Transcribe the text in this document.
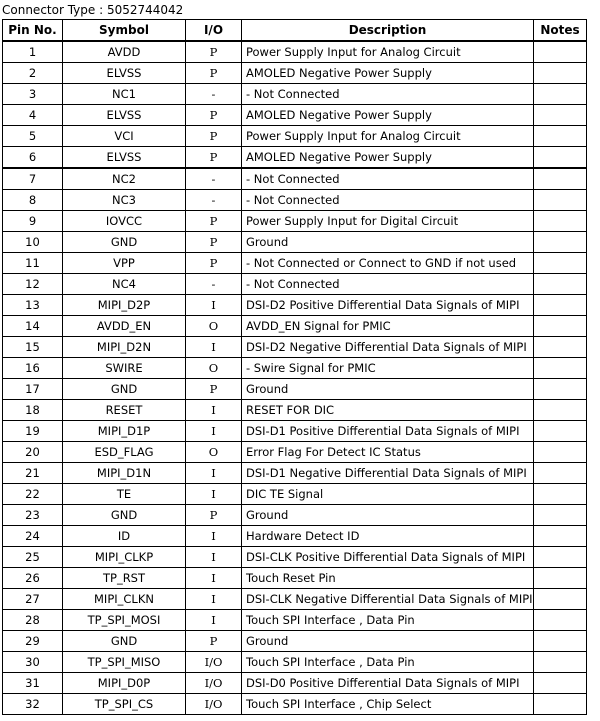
Connector Type : 5052744042
Pin No.	Symbol	I/O	Description	Notes
1	AVDD	P	Power Supply Input for Analog Circuit	
2	ELVSS	P	AMOLED Negative Power Supply	
3	NC1	-	- Not Connected	
4	ELVSS	P	AMOLED Negative Power Supply	
5	VCI	P	Power Supply Input for Analog Circuit	
6	ELVSS	P	AMOLED Negative Power Supply	
7	NC2	-	- Not Connected	
8	NC3	-	- Not Connected	
9	IOVCC	P	Power Supply Input for Digital Circuit	
10	GND	P	Ground	
11	VPP	P	- Not Connected or Connect to GND if not used	
12	NC4	-	- Not Connected	
13	MIPI_D2P	I	DSI-D2 Positive Differential Data Signals of MIPI	
14	AVDD_EN	O	AVDD_EN Signal for PMIC	
15	MIPI_D2N	I	DSI-D2 Negative Differential Data Signals of MIPI	
16	SWIRE	O	- Swire Signal for PMIC	
17	GND	P	Ground	
18	RESET	I	RESET FOR DIC	
19	MIPI_D1P	I	DSI-D1 Positive Differential Data Signals of MIPI	
20	ESD_FLAG	O	Error Flag For Detect IC Status	
21	MIPI_D1N	I	DSI-D1 Negative Differential Data Signals of MIPI	
22	TE	I	DIC TE Signal	
23	GND	P	Ground	
24	ID	I	Hardware Detect ID	
25	MIPI_CLKP	I	DSI-CLK Positive Differential Data Signals of MIPI	
26	TP_RST	I	Touch Reset Pin	
27	MIPI_CLKN	I	DSI-CLK Negative Differential Data Signals of MIPI	
28	TP_SPI_MOSI	I	Touch SPI Interface , Data Pin	
29	GND	P	Ground	
30	TP_SPI_MISO	I/O	Touch SPI Interface , Data Pin	
31	MIPI_D0P	I/O	DSI-D0 Positive Differential Data Signals of MIPI	
32	TP_SPI_CS	I/O	Touch SPI Interface , Chip Select	
